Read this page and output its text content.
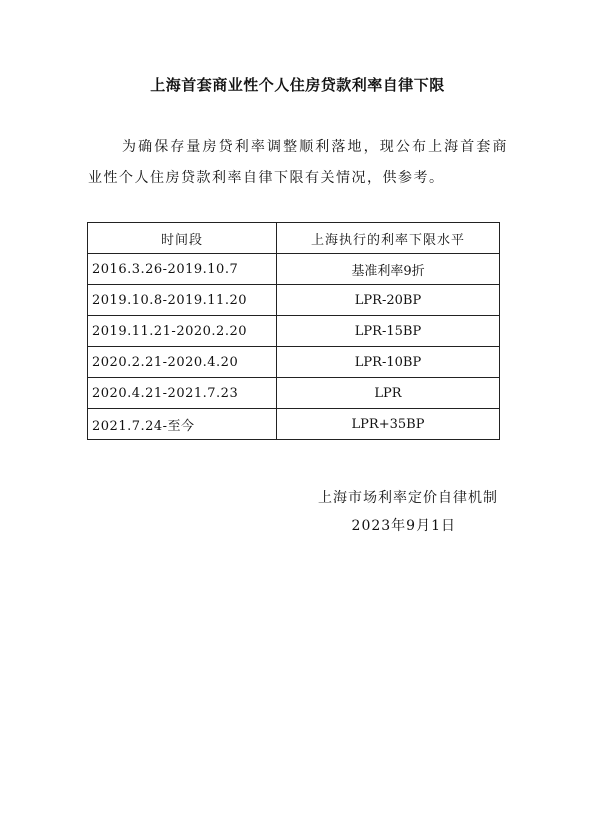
上海首套商业性个人住房贷款利率自律下限

为确保存量房贷利率调整顺利落地，现公布上海首套商业性个人住房贷款利率自律下限有关情况，供参考。

时间段	上海执行的利率下限水平
2016.3.26-2019.10.7	基准利率9折
2019.10.8-2019.11.20	LPR-20BP
2019.11.21-2020.2.20	LPR-15BP
2020.2.21-2020.4.20	LPR-10BP
2020.4.21-2021.7.23	LPR
2021.7.24-至今	LPR+35BP
上海市场利率定价自律机制
2023年9月1日
